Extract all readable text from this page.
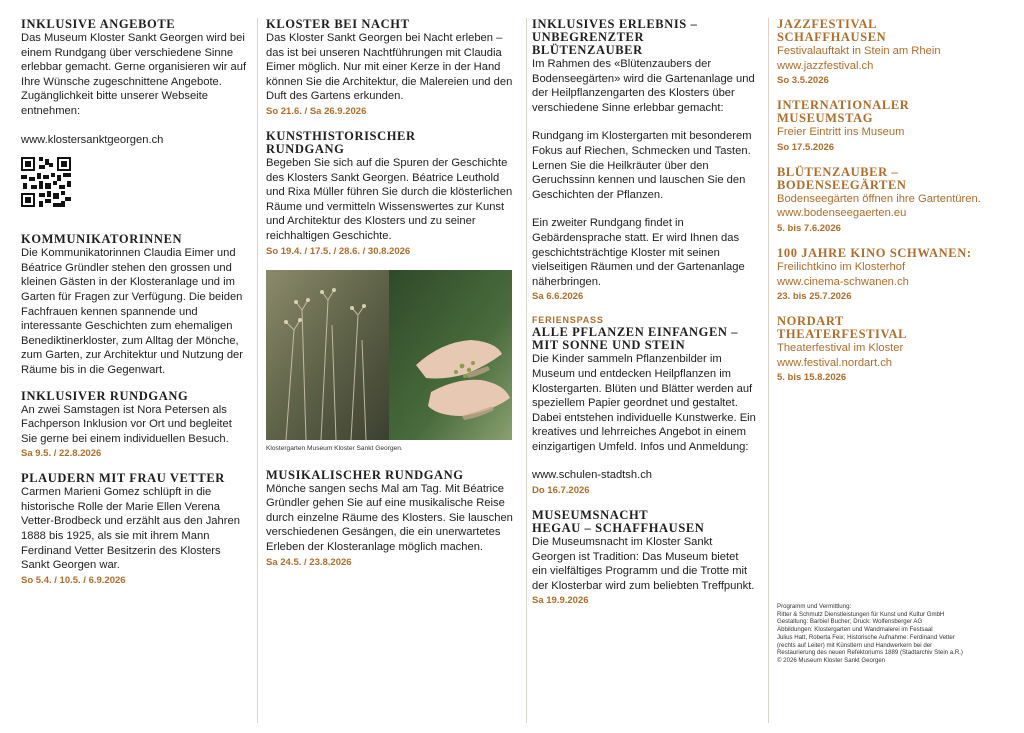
INKLUSIVE ANGEBOTE

Das Museum Kloster Sankt Georgen wird bei einem Rundgang über verschiedene Sinne erlebbar gemacht. Gerne organisieren wir auf Ihre Wünsche zugeschnittene Angebote. Zugänglichkeit bitte unserer Webseite entnehmen:

www.klostersanktgeorgen.ch

KOMMUNIKATORINNEN

Die Kommunikatorinnen Claudia Eimer und Béatrice Gründler stehen den grossen und kleinen Gästen in der Klosteranlage und im Garten für Fragen zur Verfügung. Die beiden Fachfrauen kennen spannende und interessante Geschichten zum ehemaligen Benediktinerkloster, zum Alltag der Mönche, zum Garten, zur Architektur und Nutzung der Räume bis in die Gegenwart.

INKLUSIVER RUNDGANG

An zwei Samstagen ist Nora Petersen als Fachperson Inklusion vor Ort und begleitet Sie gerne bei einem individuellen Besuch.

Sa 9.5. / 22.8.2026
PLAUDERN MIT FRAU VETTER

Carmen Marieni Gomez schlüpft in die historische Rolle der Marie Ellen Verena Vetter-Brodbeck und erzählt aus den Jahren 1888 bis 1925, als sie mit ihrem Mann Ferdinand Vetter Besitzerin des Klosters Sankt Georgen war.

So 5.4. / 10.5. / 6.9.2026
KLOSTER BEI NACHT

Das Kloster Sankt Georgen bei Nacht erleben – das ist bei unseren Nachtführungen mit Claudia Eimer möglich. Nur mit einer Kerze in der Hand können Sie die Architektur, die Malereien und den Duft des Gartens erkunden.

So 21.6. / Sa 26.9.2026
KUNSTHISTORISCHER
RUNDGANG

Begeben Sie sich auf die Spuren der Geschichte des Klosters Sankt Georgen. Béatrice Leuthold und Rixa Müller führen Sie durch die klösterlichen Räume und vermitteln Wissenswertes zur Kunst und Architektur des Klosters und zu seiner reichhaltigen Geschichte.

So 19.4. / 17.5. / 28.6. / 30.8.2026
Klostergarten Museum Kloster Sankt Georgen.
MUSIKALISCHER RUNDGANG

Mönche sangen sechs Mal am Tag. Mit Béatrice Gründler gehen Sie auf eine musikalische Reise durch einzelne Räume des Klosters. Sie lauschen verschiedenen Gesängen, die ein unerwartetes Erleben der Klosteranlage möglich machen.

Sa 24.5. / 23.8.2026
INKLUSIVES ERLEBNIS –
UNBEGRENZTER BLÜTENZAUBER

Im Rahmen des «Blütenzaubers der Bodenseegärten» wird die Gartenanlage und der Heilpflanzengarten des Klosters über verschiedene Sinne erlebbar gemacht:

Rundgang im Klostergarten mit besonderem Fokus auf Riechen, Schmecken und Tasten. Lernen Sie die Heilkräuter über den Geruchssinn kennen und lauschen Sie den Geschichten der Pflanzen.

Ein zweiter Rundgang findet in Gebärdensprache statt. Er wird Ihnen das geschichtsträchtige Kloster mit seinen vielseitigen Räumen und der Gartenanlage näherbringen.

Sa 6.6.2026
FERIENSPASS
ALLE PFLANZEN EINFANGEN –
MIT SONNE UND STEIN

Die Kinder sammeln Pflanzenbilder im Museum und entdecken Heilpflanzen im Klostergarten. Blüten und Blätter werden auf speziellem Papier geordnet und gestaltet. Dabei entstehen individuelle Kunstwerke. Ein kreatives und lehrreiches Angebot in einem einzigartigen Umfeld. Infos und Anmeldung:

www.schulen-stadtsh.ch

Do 16.7.2026
MUSEUMSNACHT
HEGAU – SCHAFFHAUSEN

Die Museumsnacht im Kloster Sankt Georgen ist Tradition: Das Museum bietet ein vielfältiges Programm und die Trotte mit der Klosterbar wird zum beliebten Treffpunkt.

Sa 19.9.2026
JAZZFESTIVAL
SCHAFFHAUSEN

Festivalauftakt in Stein am Rhein

www.jazzfestival.ch

So 3.5.2026
INTERNATIONALER
MUSEUMSTAG

Freier Eintritt ins Museum

So 17.5.2026
BLÜTENZAUBER –
BODENSEEGÄRTEN

Bodenseegärten öffnen ihre Gartentüren.

www.bodenseegaerten.eu

5. bis 7.6.2026
100 JAHRE KINO SCHWANEN:

Freilichtkino im Klosterhof

www.cinema-schwanen.ch

23. bis 25.7.2026
NORDART
THEATERFESTIVAL

Theaterfestival im Kloster

www.festival.nordart.ch

5. bis 15.8.2026
Programm und Vermittlung:
Ritter & Schmutz Dienstleistungen für Kunst und Kultur GmbH
Gestaltung: Barbiel Bucher; Druck: Wolfensberger AG
Abbildungen: Klostergarten und Wandmalerei im Festsaal
Julius Hatt, Roberta Feix; Historische Aufnahme: Ferdinand Vetter
(rechts auf Leiter) mit Künstlern und Handwerkern bei der
Restaurierung des neuen Refektoriums 1889 (Stadtarchiv Stein a.R.)
© 2026 Museum Kloster Sankt Georgen
